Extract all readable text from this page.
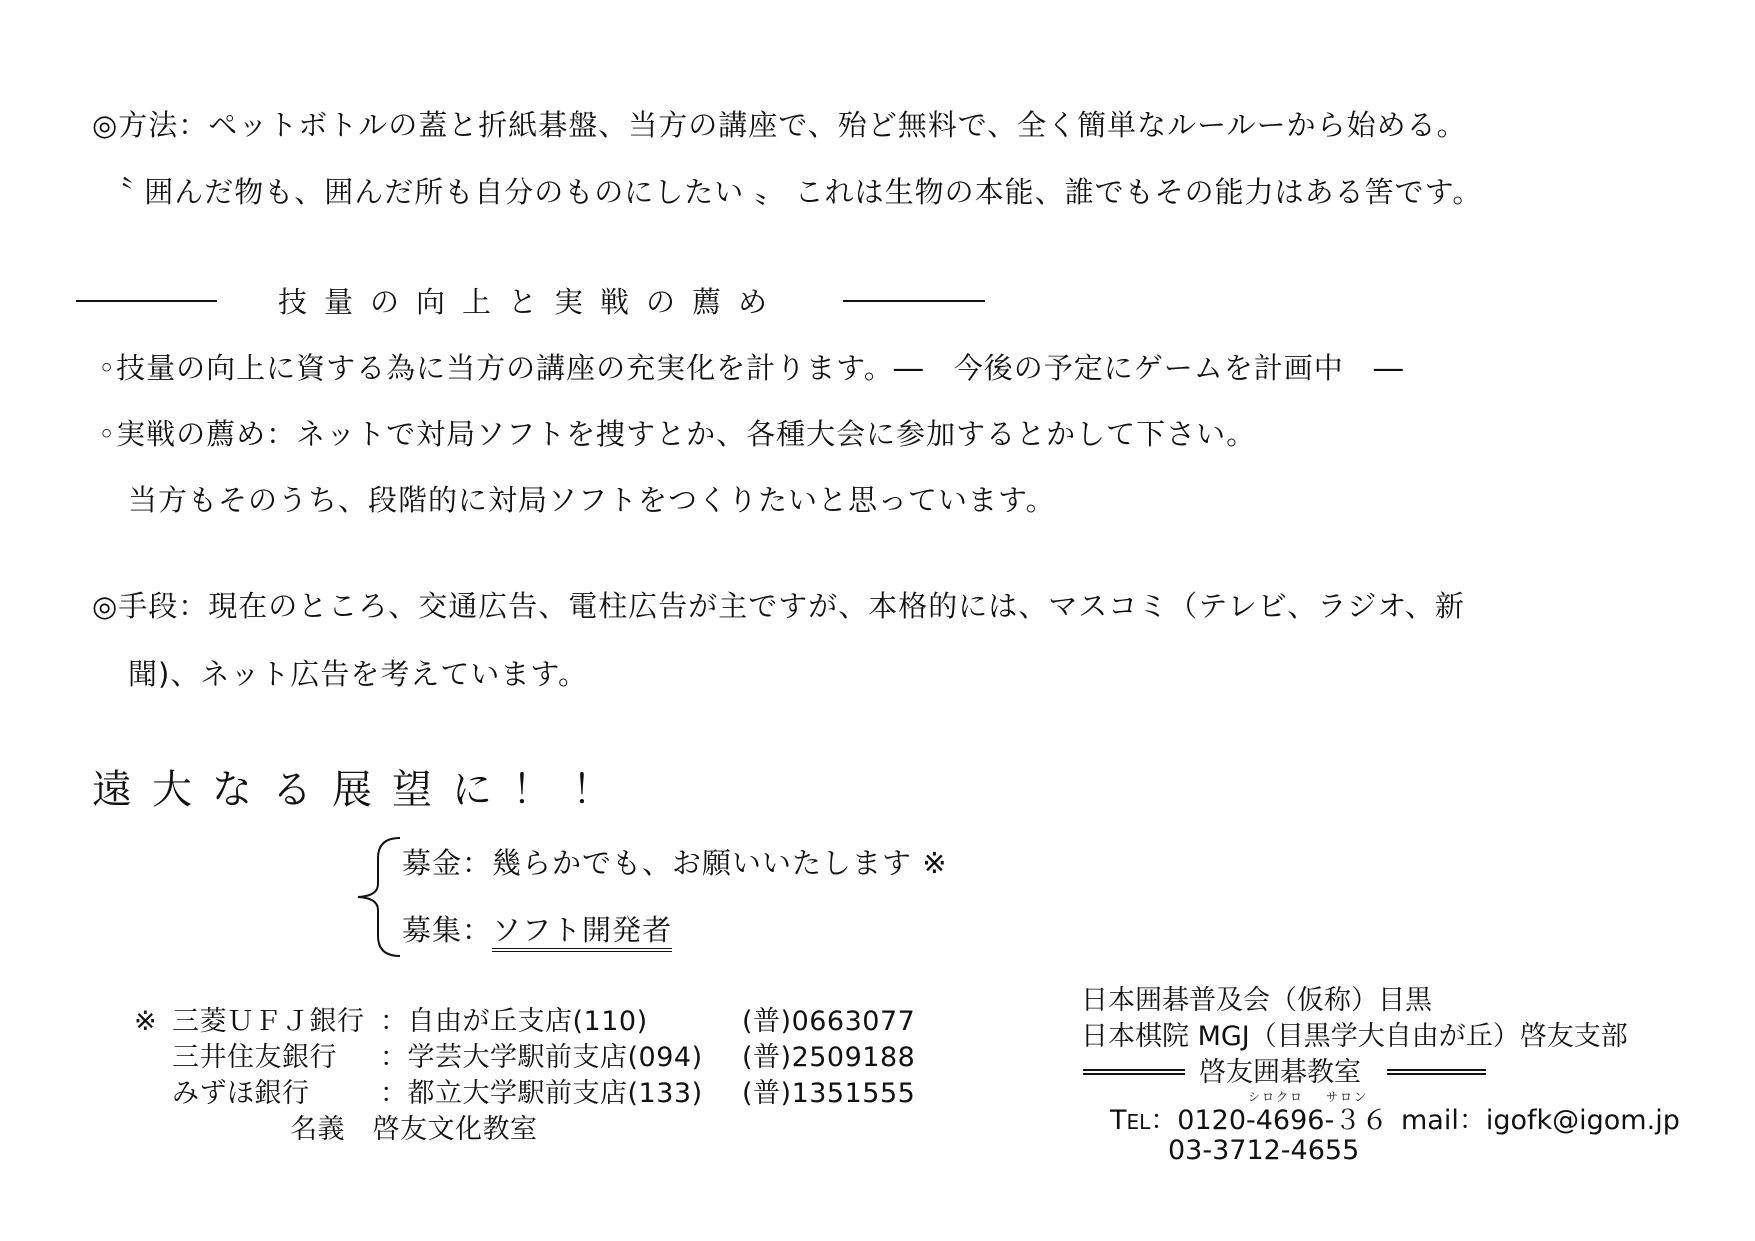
◎方法：ペットボトルの蓋と折紙碁盤、当方の講座で、殆ど無料で、全く簡単なルールーから始める。
〝 囲んだ物も、囲んだ所も自分のものにしたい 〟 これは生物の本能、誰でもその能力はある筈です。
技量の向上と実戦の薦め
◦技量の向上に資する為に当方の講座の充実化を計ります。―　今後の予定にゲームを計画中　―
◦実戦の薦め：ネットで対局ソフトを捜すとか、各種大会に参加するとかして下さい。
当方もそのうち、段階的に対局ソフトをつくりたいと思っています。
◎手段：現在のところ、交通広告、電柱広告が主ですが、本格的には、マスコミ（テレビ、ラジオ、新
聞)、ネット広告を考えています。
遠大なる展望に！！
募金：幾らかでも、お願いいたします ※
募集：ソフト開発者
※ 三菱ＵＦＪ銀行 ：自由が丘支店(110)	(普)0663077
三井住友銀行 ：学芸大学駅前支店(094) (普)2509188
みずほ銀行	：都立大学駅前支店(133) (普)1351555
名義　啓友文化教室
日本囲碁普及会（仮称）目黒
日本棋院 MGJ（目黒学大自由が丘）啓友支部
啓友囲碁教室
シロクロ サロン
TEL：0120-4696-３６ mail：igofk@igom.jp
03-3712-4655
